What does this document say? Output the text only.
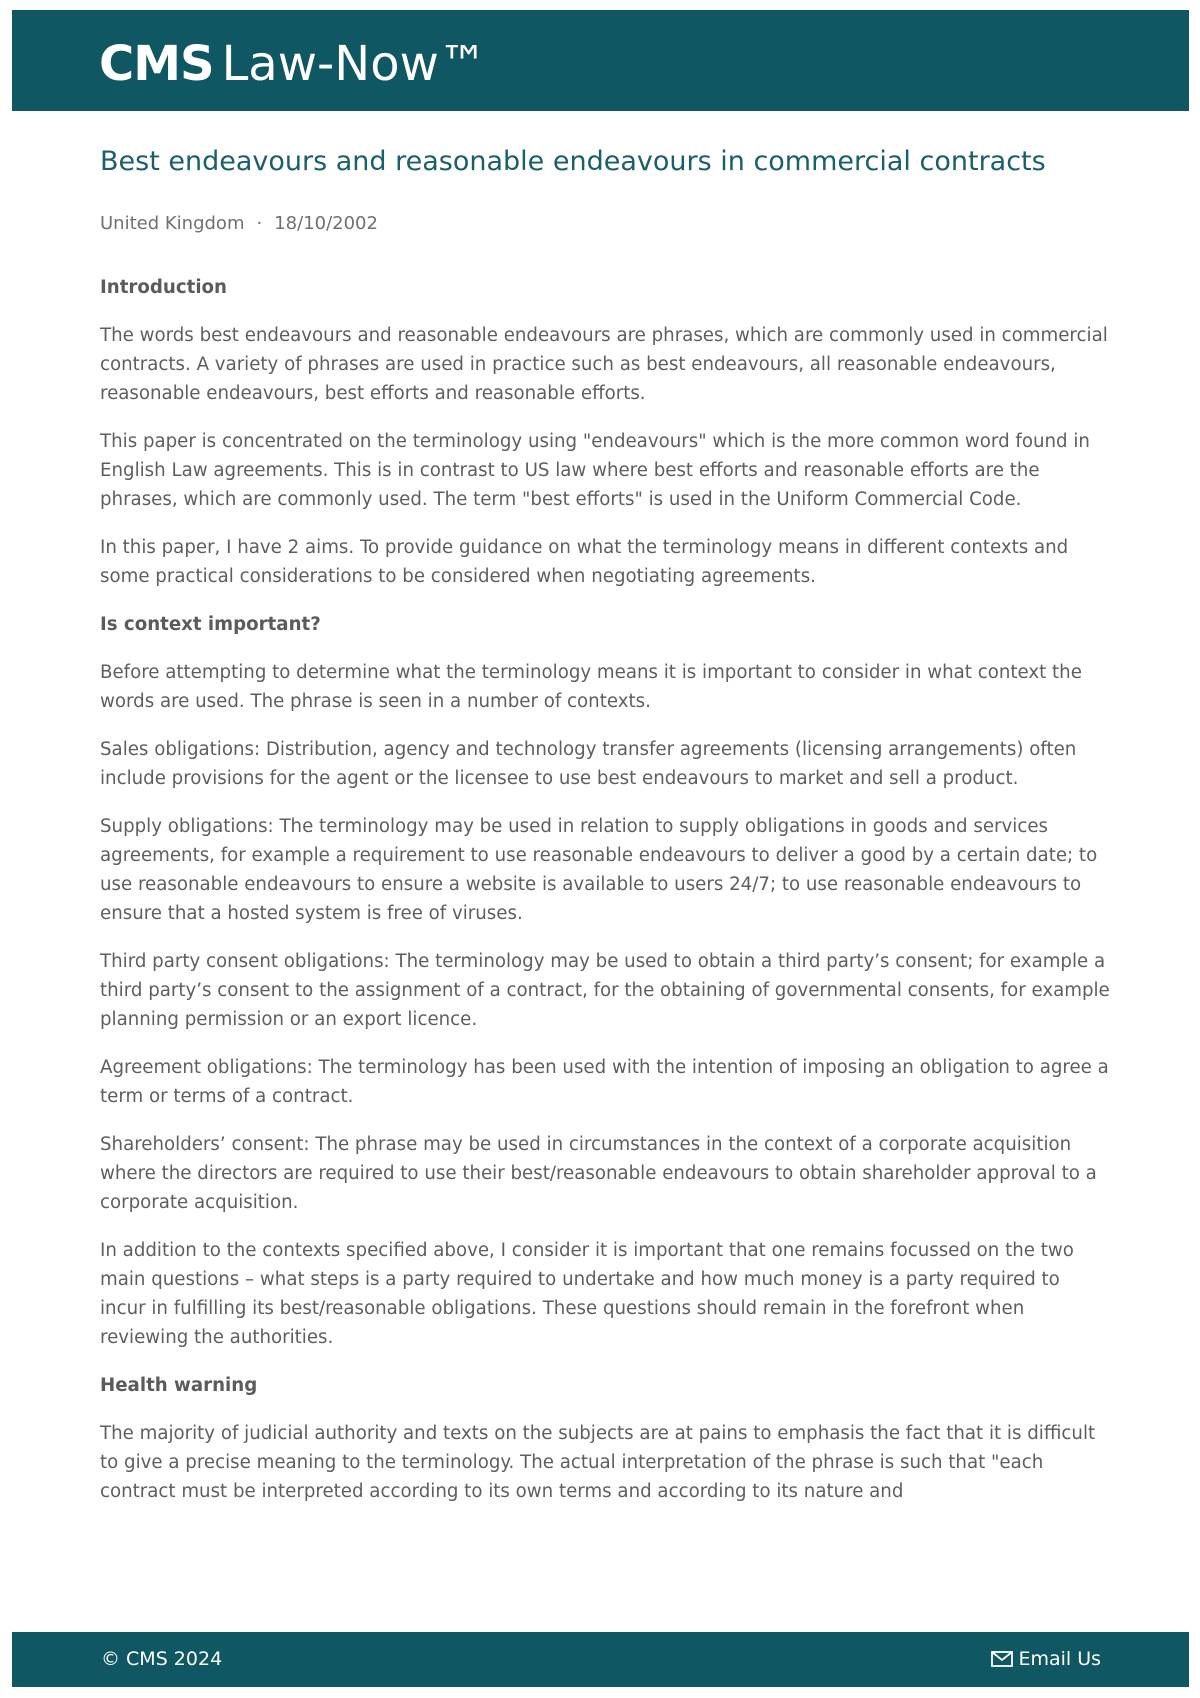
CMS Law-Now™
Best endeavours and reasonable endeavours in commercial contracts
United Kingdom · 18/10/2002
Introduction

The words best endeavours and reasonable endeavours are phrases, which are commonly used in commercial contracts. A variety of phrases are used in practice such as best endeavours, all reasonable endeavours, reasonable endeavours, best efforts and reasonable efforts.

This paper is concentrated on the terminology using "endeavours" which is the more common word found in English Law agreements. This is in contrast to US law where best efforts and reasonable efforts are the phrases, which are commonly used. The term "best efforts" is used in the Uniform Commercial Code.

In this paper, I have 2 aims. To provide guidance on what the terminology means in different contexts and some practical considerations to be considered when negotiating agreements.

Is context important?

Before attempting to determine what the terminology means it is important to consider in what context the words are used. The phrase is seen in a number of contexts.

Sales obligations: Distribution, agency and technology transfer agreements (licensing arrangements) often include provisions for the agent or the licensee to use best endeavours to market and sell a product.

Supply obligations: The terminology may be used in relation to supply obligations in goods and services agreements, for example a requirement to use reasonable endeavours to deliver a good by a certain date; to use reasonable endeavours to ensure a website is available to users 24/7; to use reasonable endeavours to ensure that a hosted system is free of viruses.

Third party consent obligations: The terminology may be used to obtain a third party’s consent; for example a third party’s consent to the assignment of a contract, for the obtaining of governmental consents, for example planning permission or an export licence.

Agreement obligations: The terminology has been used with the intention of imposing an obligation to agree a term or terms of a contract.

Shareholders’ consent: The phrase may be used in circumstances in the context of a corporate acquisition where the directors are required to use their best/reasonable endeavours to obtain shareholder approval to a corporate acquisition.

In addition to the contexts specified above, I consider it is important that one remains focussed on the two main questions – what steps is a party required to undertake and how much money is a party required to incur in fulfilling its best/reasonable obligations. These questions should remain in the forefront when reviewing the authorities.

Health warning

The majority of judicial authority and texts on the subjects are at pains to emphasis the fact that it is difficult to give a precise meaning to the terminology. The actual interpretation of the phrase is such that "each contract must be interpreted according to its own terms and according to its nature and

© CMS 2024	Email Us
